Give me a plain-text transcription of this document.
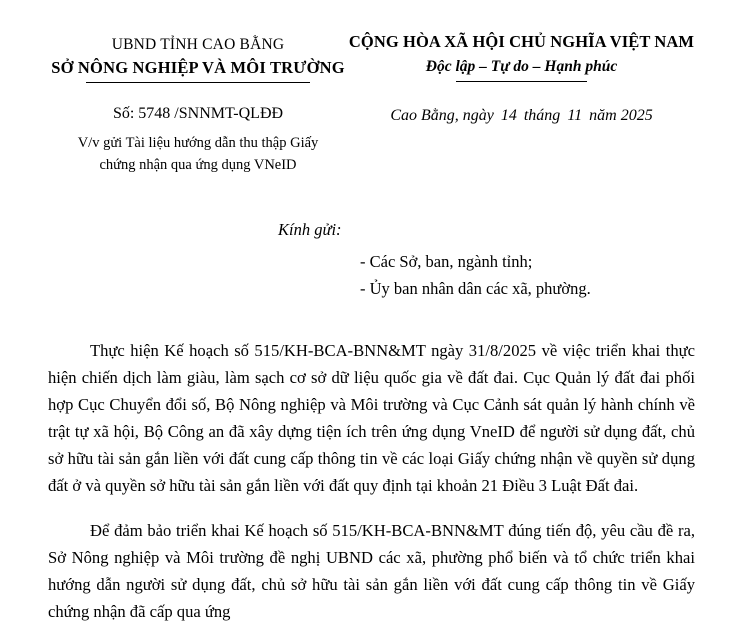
UBND TỈNH CAO BẰNG
SỞ NÔNG NGHIỆP VÀ MÔI TRƯỜNG
CỘNG HÒA XÃ HỘI CHỦ NGHĨA VIỆT NAM
Độc lập – Tự do – Hạnh phúc
Số: 5748 /SNNMT-QLĐĐ
V/v gửi Tài liệu hướng dẫn thu thập Giấy
chứng nhận qua ứng dụng VNeID
Cao Bằng, ngày 14 tháng 11 năm 2025
Kính gửi:
- Các Sở, ban, ngành tỉnh;
- Ủy ban nhân dân các xã, phường.

Thực hiện Kế hoạch số 515/KH-BCA-BNN&MT ngày 31/8/2025 về việc triển khai thực hiện chiến dịch làm giàu, làm sạch cơ sở dữ liệu quốc gia về đất đai. Cục Quản lý đất đai phối hợp Cục Chuyển đổi số, Bộ Nông nghiệp và Môi trường và Cục Cảnh sát quản lý hành chính về trật tự xã hội, Bộ Công an đã xây dựng tiện ích trên ứng dụng VneID để người sử dụng đất, chủ sở hữu tài sản gắn liền với đất cung cấp thông tin về các loại Giấy chứng nhận về quyền sử dụng đất ở và quyền sở hữu tài sản gắn liền với đất quy định tại khoản 21 Điều 3 Luật Đất đai.

Để đảm bảo triển khai Kế hoạch số 515/KH-BCA-BNN&MT đúng tiến độ, yêu cầu đề ra, Sở Nông nghiệp và Môi trường đề nghị UBND các xã, phường phổ biến và tổ chức triển khai hướng dẫn người sử dụng đất, chủ sở hữu tài sản gắn liền với đất cung cấp thông tin về Giấy chứng nhận đã cấp qua ứng
